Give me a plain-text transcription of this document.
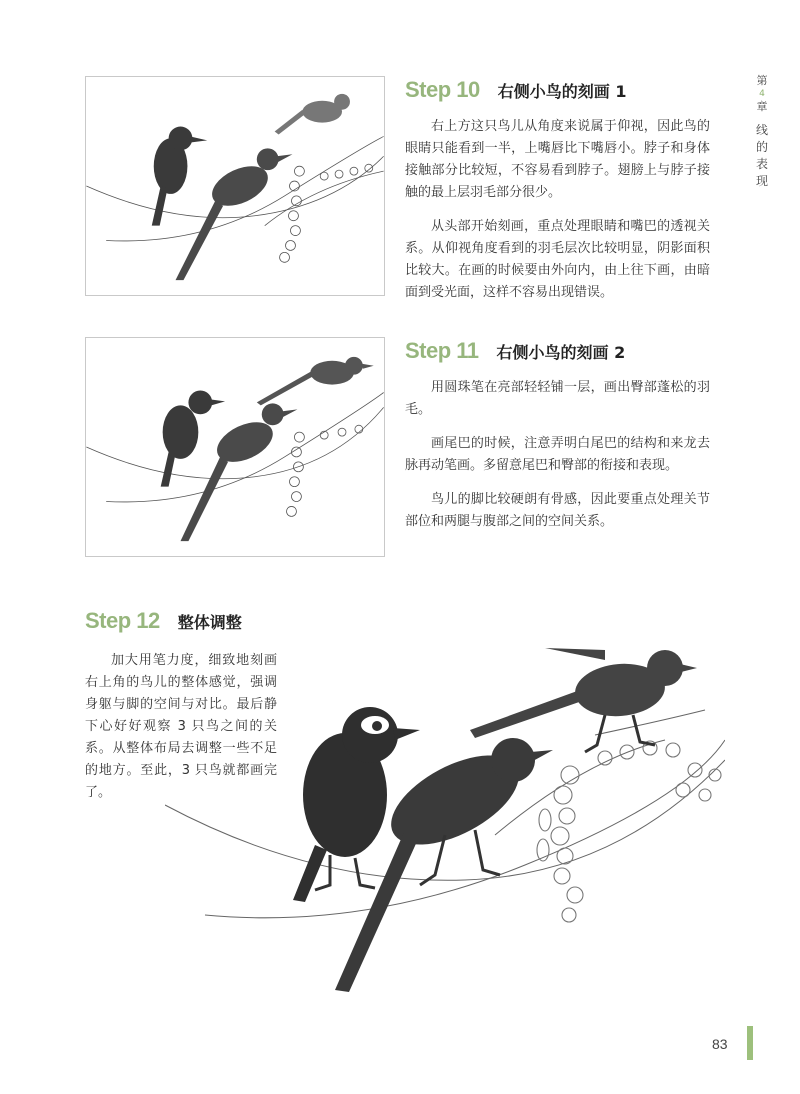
第
4
章
线
的
表
现
Step 10 右侧小鸟的刻画 1

右上方这只鸟儿从角度来说属于仰视，因此鸟的眼睛只能看到一半，上嘴唇比下嘴唇小。脖子和身体接触部分比较短，不容易看到脖子。翅膀上与脖子接触的最上层羽毛部分很少。

从头部开始刻画，重点处理眼睛和嘴巴的透视关系。从仰视角度看到的羽毛层次比较明显，阴影面积比较大。在画的时候要由外向内，由上往下画，由暗面到受光面，这样不容易出现错误。

Step 11 右侧小鸟的刻画 2

用圆珠笔在亮部轻轻铺一层，画出臀部蓬松的羽毛。

画尾巴的时候，注意弄明白尾巴的结构和来龙去脉再动笔画。多留意尾巴和臀部的衔接和表现。

鸟儿的脚比较硬朗有骨感，因此要重点处理关节部位和两腿与腹部之间的空间关系。

Step 12 整体调整

加大用笔力度，细致地刻画右上角的鸟儿的整体感觉，强调身躯与脚的空间与对比。最后静下心好好观察 3 只鸟之间的关系。从整体布局去调整一些不足的地方。至此，3 只鸟就都画完了。

83
